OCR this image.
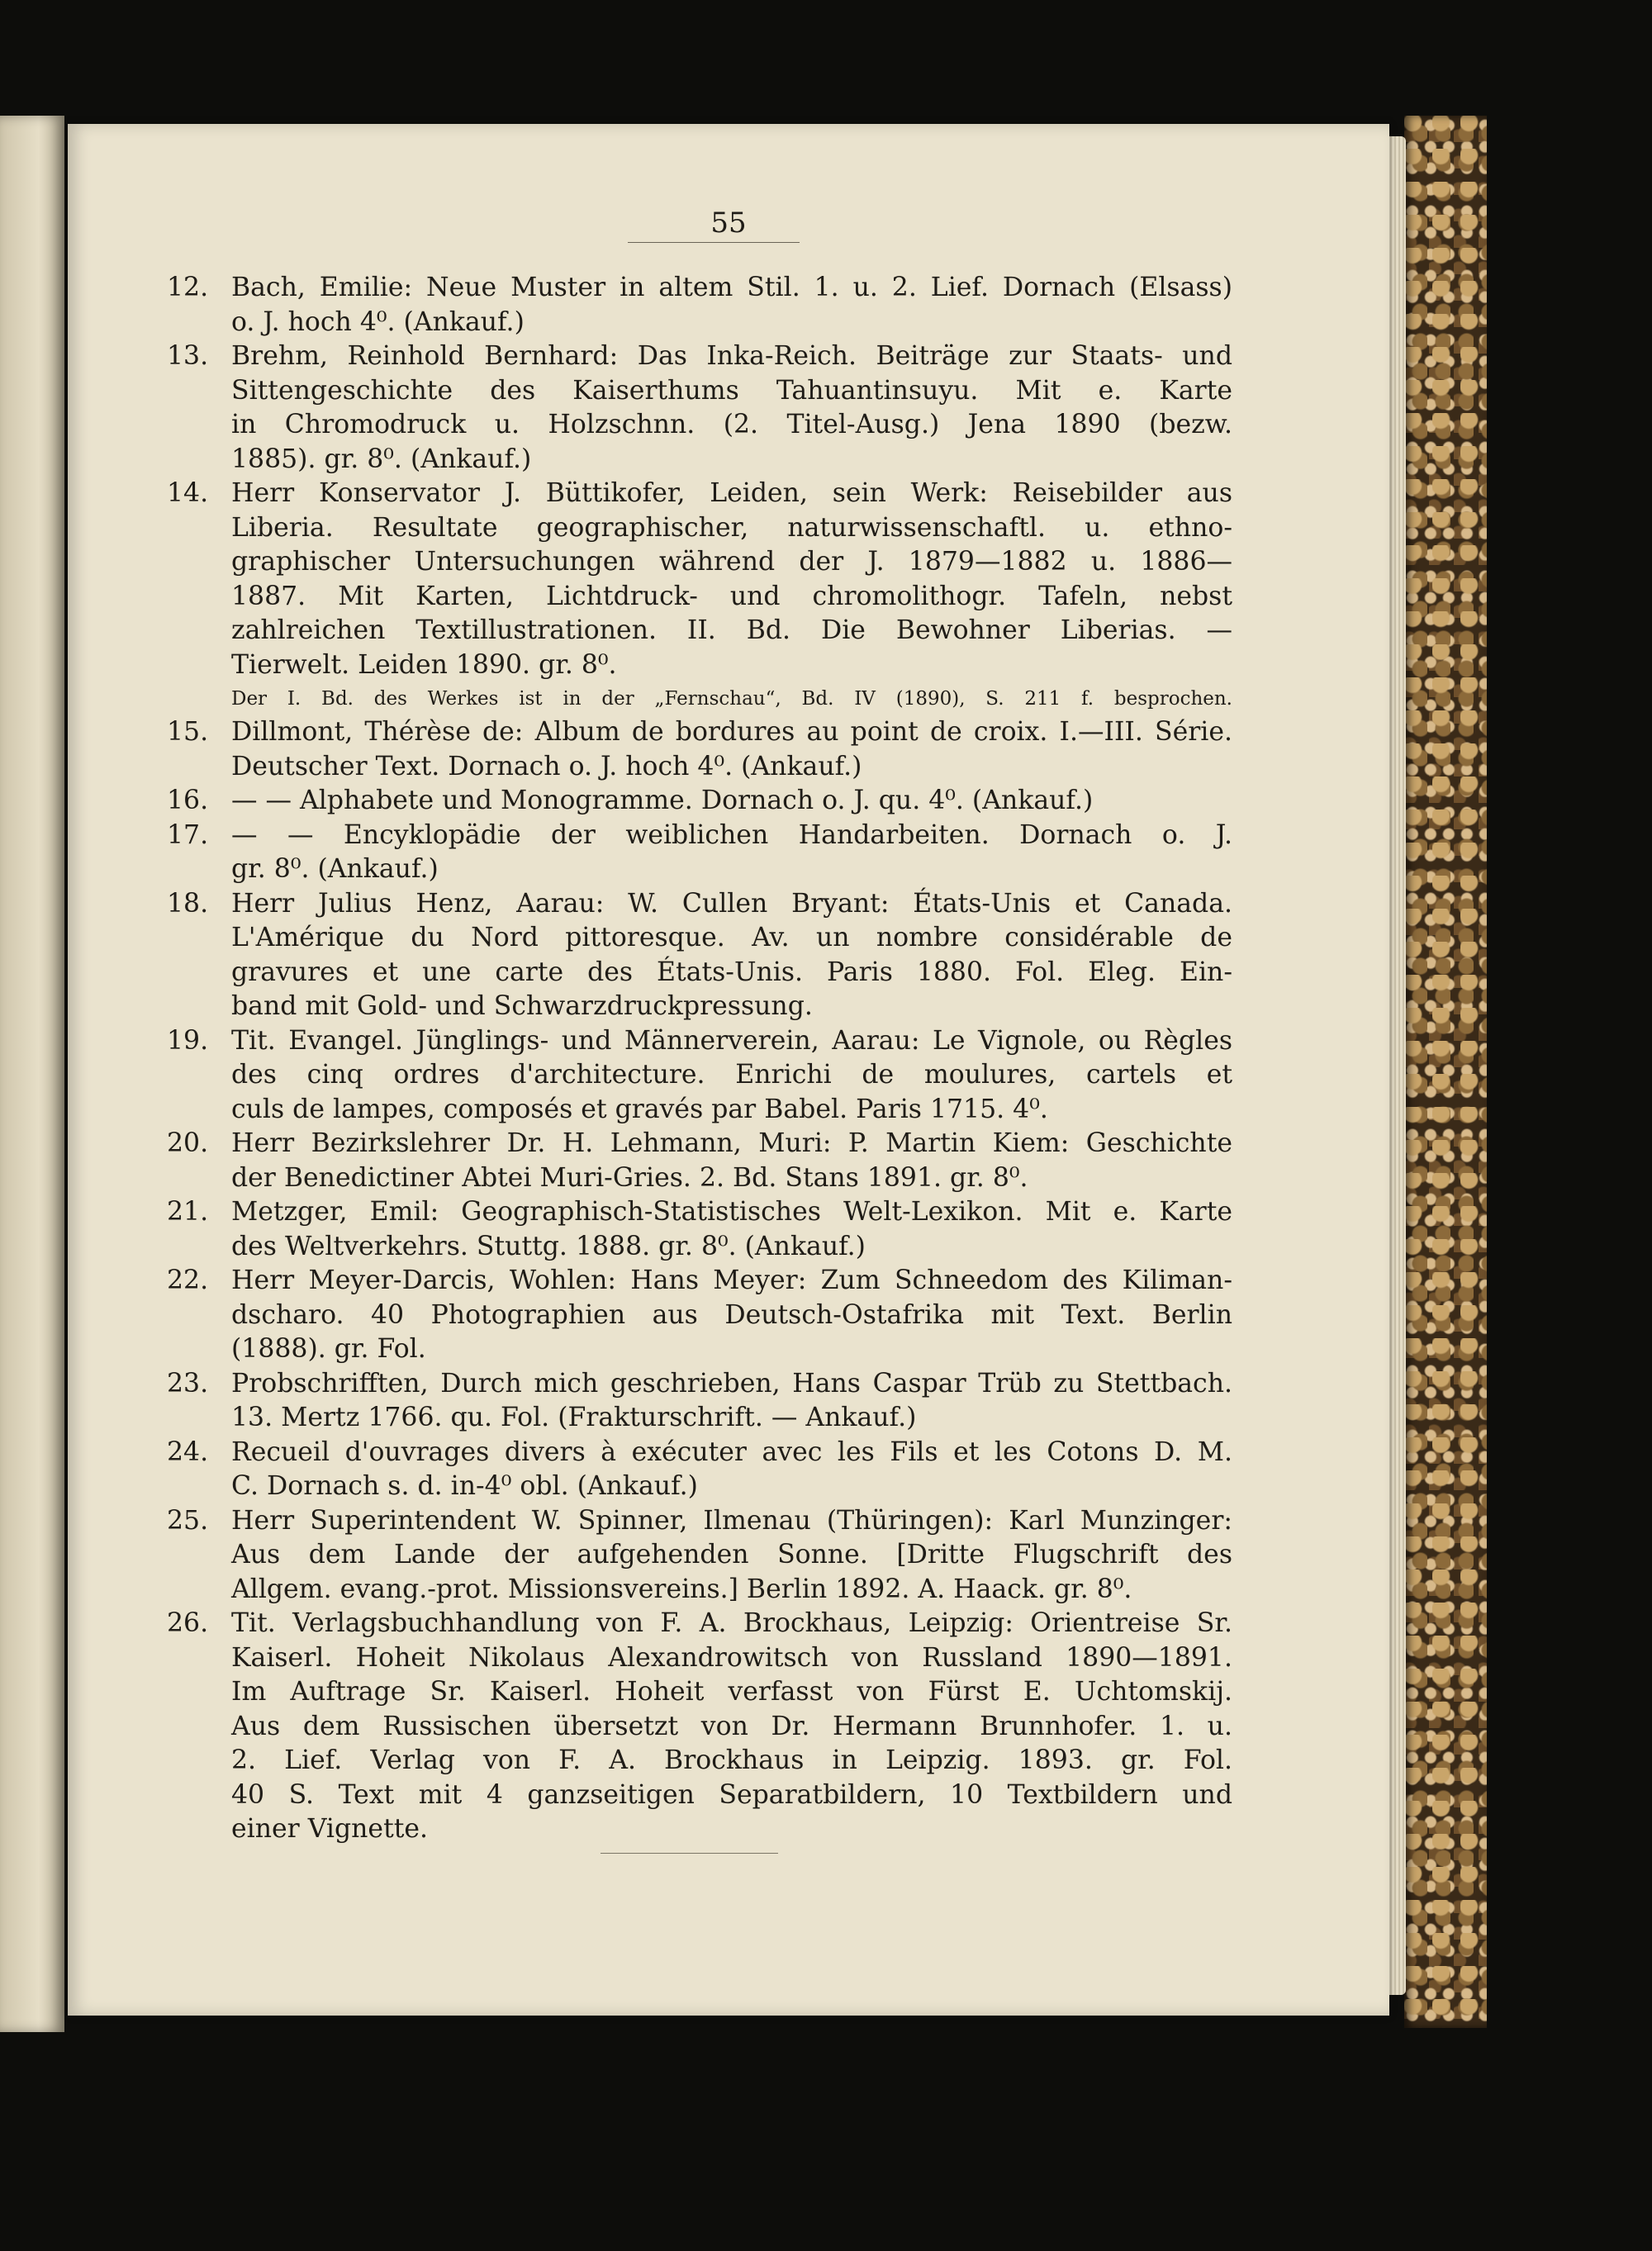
55
12. Bach, Emilie: Neue Muster in altem Stil. 1. u. 2. Lief. Dornach (Elsass)
o. J. hoch 4⁰. (Ankauf.)
13. Brehm, Reinhold Bernhard: Das Inka-Reich. Beiträge zur Staats- und
Sittengeschichte des Kaiserthums Tahuantinsuyu. Mit e. Karte
in Chromodruck u. Holzschnn. (2. Titel-Ausg.) Jena 1890 (bezw.
1885). gr. 8⁰. (Ankauf.)
14. Herr Konservator J. Büttikofer, Leiden, sein Werk: Reisebilder aus
Liberia. Resultate geographischer, naturwissenschaftl. u. ethno-
graphischer Untersuchungen während der J. 1879—1882 u. 1886—
1887. Mit Karten, Lichtdruck- und chromolithogr. Tafeln, nebst
zahlreichen Textillustrationen. II. Bd. Die Bewohner Liberias. —
Tierwelt. Leiden 1890. gr. 8⁰.
Der I. Bd. des Werkes ist in der „Fernschau“, Bd. IV (1890), S. 211 f. besprochen.
15. Dillmont, Thérèse de: Album de bordures au point de croix. I.—III. Série.
Deutscher Text. Dornach o. J. hoch 4⁰. (Ankauf.)
16. — — Alphabete und Monogramme. Dornach o. J. qu. 4⁰. (Ankauf.)
17. — — Encyklopädie der weiblichen Handarbeiten. Dornach o. J.
gr. 8⁰. (Ankauf.)
18. Herr Julius Henz, Aarau: W. Cullen Bryant: États-Unis et Canada.
L'Amérique du Nord pittoresque. Av. un nombre considérable de
gravures et une carte des États-Unis. Paris 1880. Fol. Eleg. Ein-
band mit Gold- und Schwarzdruckpressung.
19. Tit. Evangel. Jünglings- und Männerverein, Aarau: Le Vignole, ou Règles
des cinq ordres d'architecture. Enrichi de moulures, cartels et
culs de lampes, composés et gravés par Babel. Paris 1715. 4⁰.
20. Herr Bezirkslehrer Dr. H. Lehmann, Muri: P. Martin Kiem: Geschichte
der Benedictiner Abtei Muri-Gries. 2. Bd. Stans 1891. gr. 8⁰.
21. Metzger, Emil: Geographisch-Statistisches Welt-Lexikon. Mit e. Karte
des Weltverkehrs. Stuttg. 1888. gr. 8⁰. (Ankauf.)
22. Herr Meyer-Darcis, Wohlen: Hans Meyer: Zum Schneedom des Kiliman-
dscharo. 40 Photographien aus Deutsch-Ostafrika mit Text. Berlin
(1888). gr. Fol.
23. Probschrifften, Durch mich geschrieben, Hans Caspar Trüb zu Stettbach.
13. Mertz 1766. qu. Fol. (Frakturschrift. — Ankauf.)
24. Recueil d'ouvrages divers à exécuter avec les Fils et les Cotons D. M.
C. Dornach s. d. in-4⁰ obl. (Ankauf.)
25. Herr Superintendent W. Spinner, Ilmenau (Thüringen): Karl Munzinger:
Aus dem Lande der aufgehenden Sonne. [Dritte Flugschrift des
Allgem. evang.-prot. Missionsvereins.] Berlin 1892. A. Haack. gr. 8⁰.
26. Tit. Verlagsbuchhandlung von F. A. Brockhaus, Leipzig: Orientreise Sr.
Kaiserl. Hoheit Nikolaus Alexandrowitsch von Russland 1890—1891.
Im Auftrage Sr. Kaiserl. Hoheit verfasst von Fürst E. Uchtomskij.
Aus dem Russischen übersetzt von Dr. Hermann Brunnhofer. 1. u.
2. Lief. Verlag von F. A. Brockhaus in Leipzig. 1893. gr. Fol.
40 S. Text mit 4 ganzseitigen Separatbildern, 10 Textbildern und
einer Vignette.
